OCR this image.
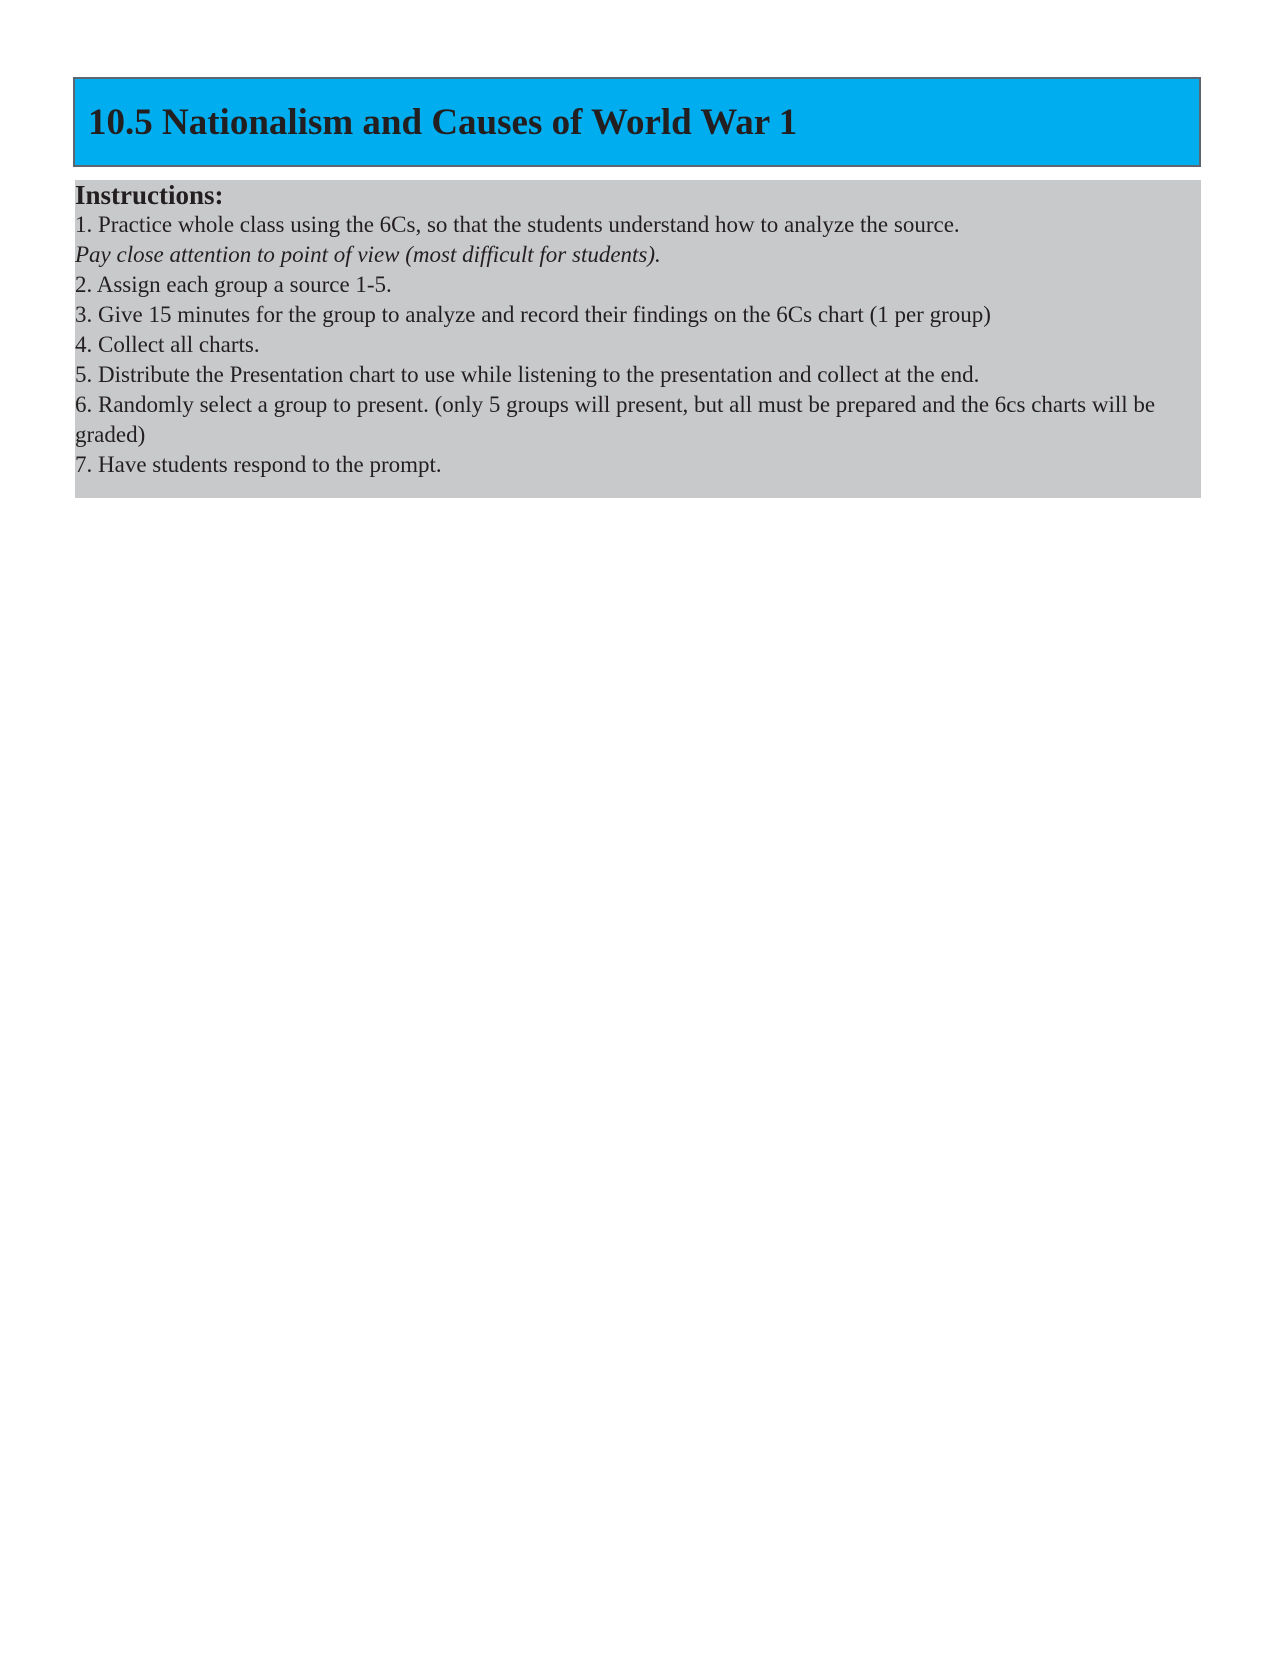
10.5 Nationalism and Causes of World War 1

Instructions:

1. Practice whole class using the 6Cs, so that the students understand how to analyze the source.

Pay close attention to point of view (most difficult for students).

2. Assign each group a source 1-5.

3. Give 15 minutes for the group to analyze and record their findings on the 6Cs chart (1 per group)

4. Collect all charts.

5. Distribute the Presentation chart to use while listening to the presentation and collect at the end.

6. Randomly select a group to present. (only 5 groups will present, but all must be prepared and the 6cs charts will be graded)

7. Have students respond to the prompt.
